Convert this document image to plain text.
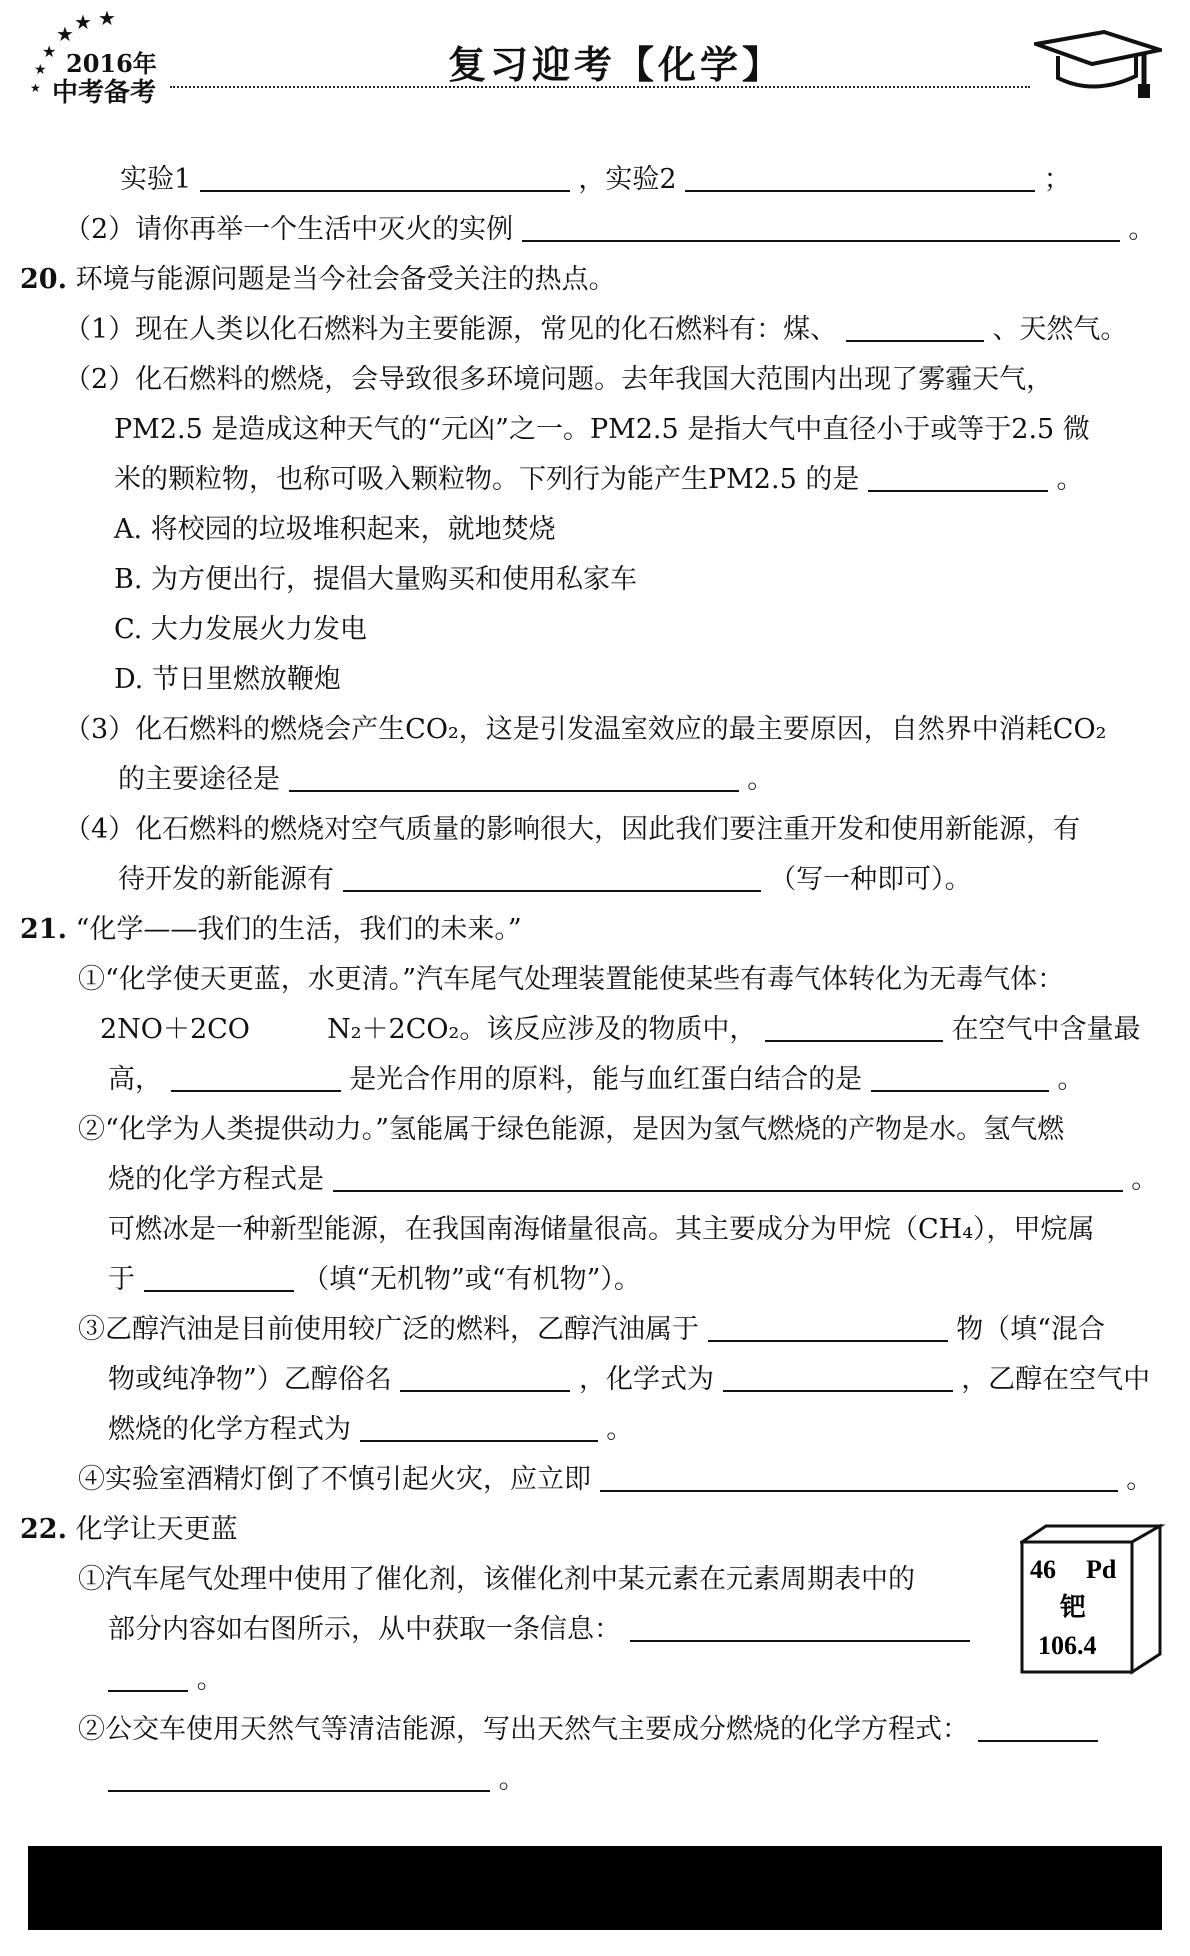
★ ★
★
★
★
★
2016年
中考备考
复习迎考【化学】
实验1	，实验2	；
（2）请你再举一个生活中灭火的实例	。
20. 环境与能源问题是当今社会备受关注的热点。
（1）现在人类以化石燃料为主要能源，常见的化石燃料有：煤、	、天然气。
（2）化石燃料的燃烧，会导致很多环境问题。去年我国大范围内出现了雾霾天气，
PM2.5 是造成这种天气的“元凶”之一。PM2.5 是指大气中直径小于或等于2.5 微
米的颗粒物，也称可吸入颗粒物。下列行为能产生PM2.5 的是	。
A. 将校园的垃圾堆积起来，就地焚烧
B. 为方便出行，提倡大量购买和使用私家车
C. 大力发展火力发电
D. 节日里燃放鞭炮
（3）化石燃料的燃烧会产生CO₂，这是引发温室效应的最主要原因，自然界中消耗CO₂
的主要途径是	。
（4）化石燃料的燃烧对空气质量的影响很大，因此我们要注重开发和使用新能源，有
待开发的新能源有	（写一种即可）。
21. “化学——我们的生活，我们的未来。”
①“化学使天更蓝，水更清。”汽车尾气处理装置能使某些有毒气体转化为无毒气体：
2NO＋2CO	N₂＋2CO₂。该反应涉及的物质中，	在空气中含量最
高，	是光合作用的原料，能与血红蛋白结合的是	。
②“化学为人类提供动力。”氢能属于绿色能源，是因为氢气燃烧的产物是水。氢气燃
烧的化学方程式是	。
可燃冰是一种新型能源，在我国南海储量很高。其主要成分为甲烷（CH₄），甲烷属
于	（填“无机物”或“有机物”）。
③乙醇汽油是目前使用较广泛的燃料，乙醇汽油属于	物（填“混合
物或纯净物”）乙醇俗名	，化学式为	，乙醇在空气中
燃烧的化学方程式为	。
④实验室酒精灯倒了不慎引起火灾，应立即	。
22. 化学让天更蓝
①汽车尾气处理中使用了催化剂，该催化剂中某元素在元素周期表中的
部分内容如右图所示，从中获取一条信息：
。
②公交车使用天然气等清洁能源，写出天然气主要成分燃烧的化学方程式：
。
46 Pd
钯
106.4
